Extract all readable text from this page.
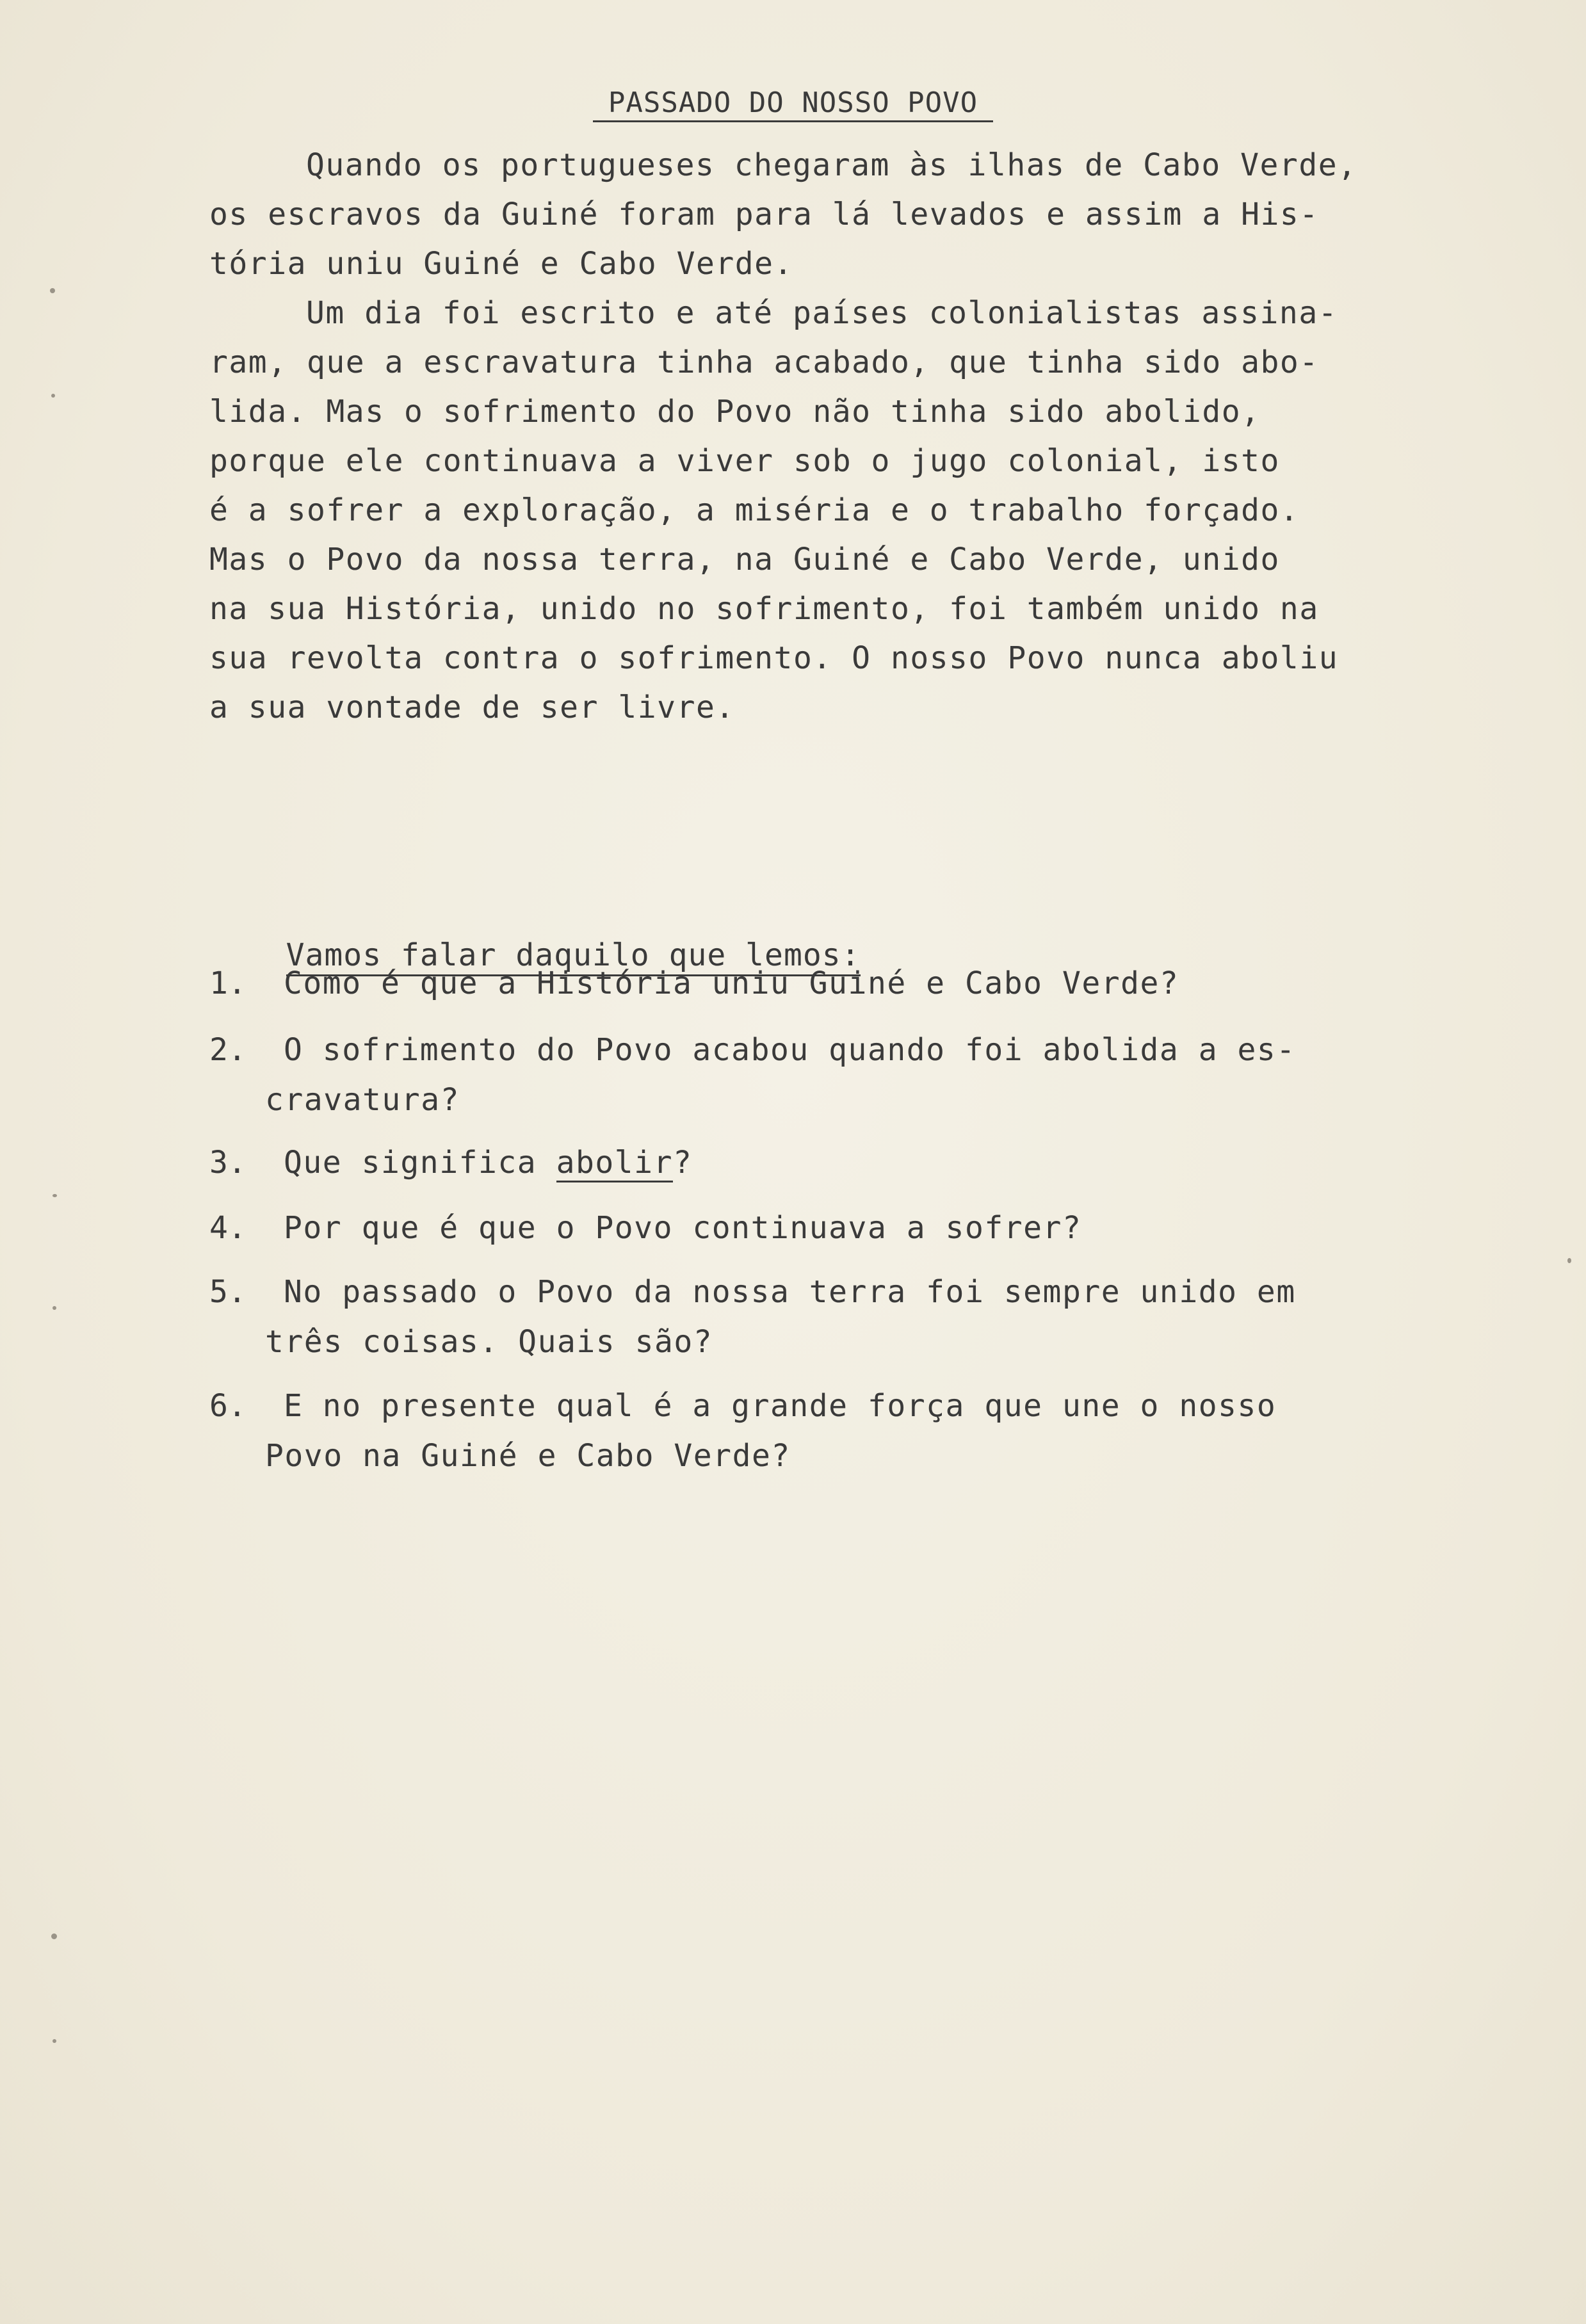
PASSADO DO NOSSO POVO
Quando os portugueses chegaram às ilhas de Cabo Verde,
os escravos da Guiné foram para lá levados e assim a His-
tória uniu Guiné e Cabo Verde.
Um dia foi escrito e até países colonialistas assina-
ram, que a escravatura tinha acabado, que tinha sido abo-
lida. Mas o sofrimento do Povo não tinha sido abolido,
porque ele continuava a viver sob o jugo colonial, isto
é a sofrer a exploração, a miséria e o trabalho forçado.
Mas o Povo da nossa terra, na Guiné e Cabo Verde, unido
na sua História, unido no sofrimento, foi também unido na
sua revolta contra o sofrimento. O nosso Povo nunca aboliu
a sua vontade de ser livre.

Vamos falar daquilo que lemos:

1. Como é que a História uniu Guiné e Cabo Verde?
2. O sofrimento do Povo acabou quando foi abolida a es-
cravatura?
3. Que significa abolir?
4. Por que é que o Povo continuava a sofrer?
5. No passado o Povo da nossa terra foi sempre unido em
três coisas. Quais são?
6. E no presente qual é a grande força que une o nosso
Povo na Guiné e Cabo Verde?
